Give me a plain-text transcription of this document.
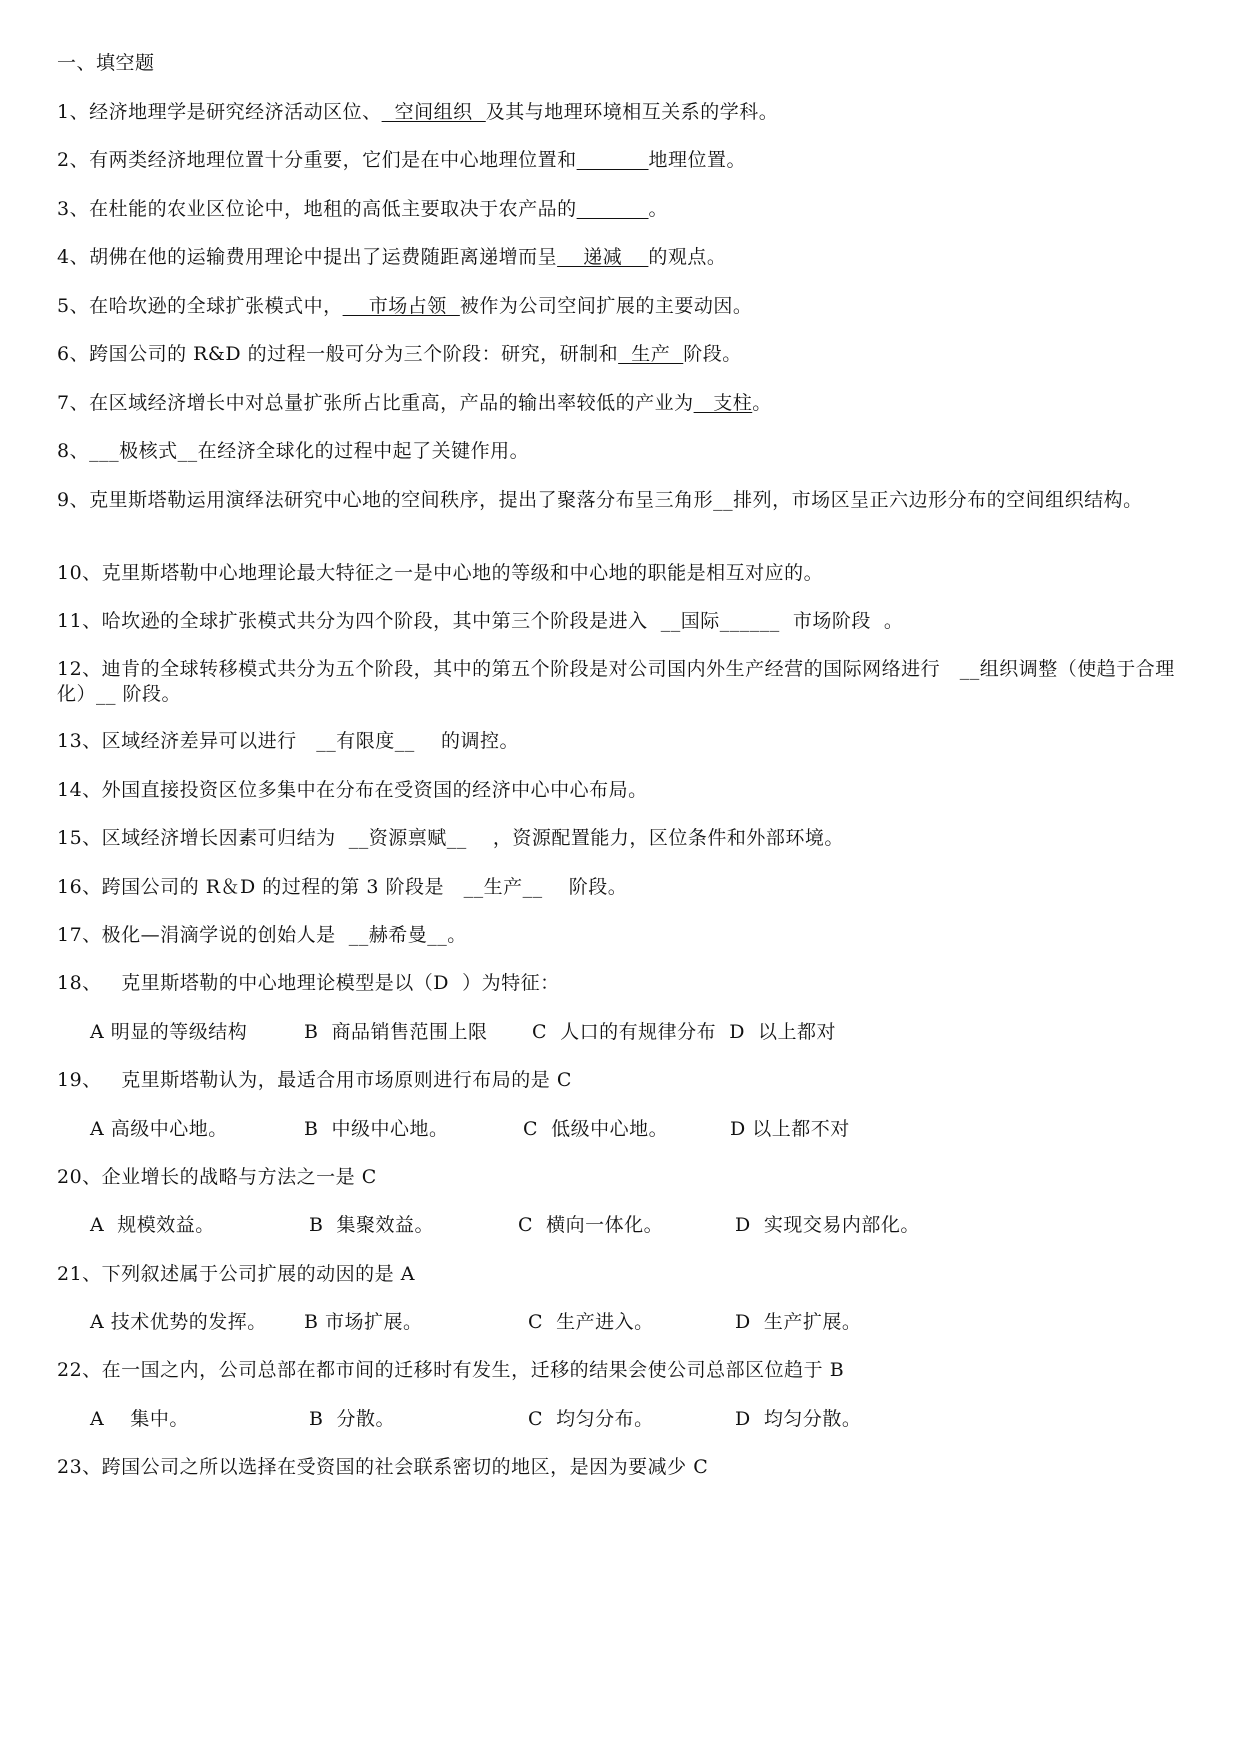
一、填空题
1、经济地理学是研究经济活动区位、  空间组织  及其与地理环境相互关系的学科。
2、有两类经济地理位置十分重要，它们是在中心地理位置和	地理位置。
3、在杜能的农业区位论中，地租的高低主要取决于农产品的	。
4、胡佛在他的运输费用理论中提出了运费随距离递增而呈    递减    的观点。
5、在哈坎逊的全球扩张模式中，    市场占领  被作为公司空间扩展的主要动因。
6、跨国公司的 R&D 的过程一般可分为三个阶段：研究，研制和  生产  阶段。
7、在区域经济增长中对总量扩张所占比重高，产品的输出率较低的产业为   支柱。
8、___极核式__在经济全球化的过程中起了关键作用。
9、克里斯塔勒运用演绎法研究中心地的空间秩序，提出了聚落分布呈三角形__排列，市场区呈正六边形分布的空间组织结构。
10、克里斯塔勒中心地理论最大特征之一是中心地的等级和中心地的职能是相互对应的。
11、哈坎逊的全球扩张模式共分为四个阶段，其中第三个阶段是进入  __国际______  市场阶段  。
12、迪肯的全球转移模式共分为五个阶段，其中的第五个阶段是对公司国内外生产经营的国际网络进行   __组织调整（使趋于合理化）__ 阶段。
13、区域经济差异可以进行   __有限度__    的调控。
14、外国直接投资区位多集中在分布在受资国的经济中心中心布局。
15、区域经济增长因素可归结为  __资源禀赋__    ，资源配置能力，区位条件和外部环境。
16、跨国公司的 R＆D 的过程的第 3 阶段是   __生产__    阶段。
17、极化—涓滴学说的创始人是  __赫希曼__。
18、   克里斯塔勒的中心地理论模型是以（D  ）为特征：
A 明显的等级结构	B  商品销售范围上限 C  人口的有规律分布  D  以上都对
19、   克里斯塔勒认为，最适合用市场原则进行布局的是 C
A 高级中心地。	B  中级中心地。	C  低级中心地。	D 以上都不对
20、企业增长的战略与方法之一是 C
A  规模效益。	B  集聚效益。	C  横向一体化。	D  实现交易内部化。
21、下列叙述属于公司扩展的动因的是 A
A 技术优势的发挥。 B 市场扩展。	C  生产进入。	D  生产扩展。
22、在一国之内，公司总部在都市间的迁移时有发生，迁移的结果会使公司总部区位趋于 B
A    集中。	B  分散。	C  均匀分布。	D  均匀分散。
23、跨国公司之所以选择在受资国的社会联系密切的地区，是因为要减少 C
